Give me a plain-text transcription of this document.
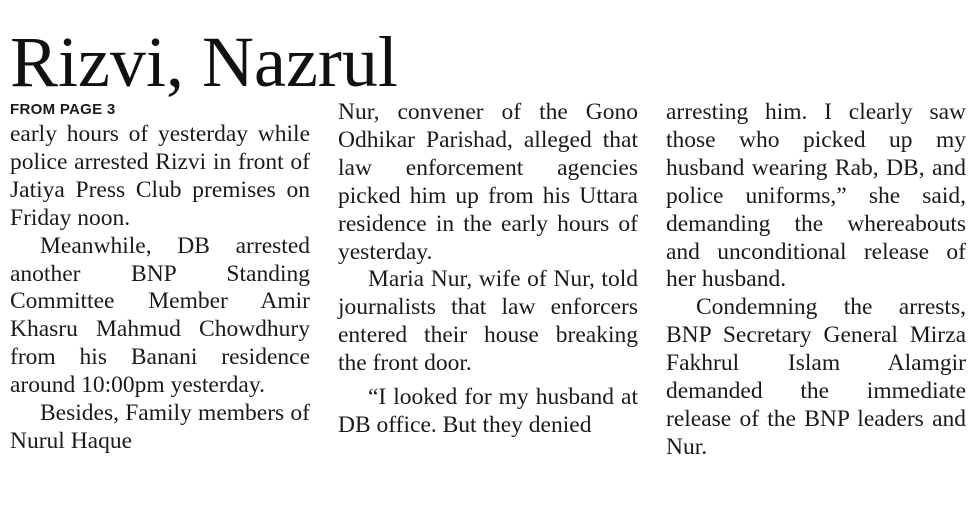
Rizvi, Nazrul
FROM PAGE 3

early hours of yesterday while police arrested Rizvi in front of Jatiya Press Club premises on Friday noon.

Meanwhile, DB arrested another BNP Standing Committee Member Amir Khasru Mahmud Chowdhury from his Banani residence around 10:00pm yesterday.

Besides, Family members of Nurul Haque

Nur, convener of the Gono Odhikar Parishad, alleged that law enforcement agencies picked him up from his Uttara residence in the early hours of yesterday.

Maria Nur, wife of Nur, told journalists that law enforcers entered their house breaking the front door.

“I looked for my husband at DB office. But they denied

arresting him. I clearly saw those who picked up my husband wearing Rab, DB, and police uniforms,” she said, demanding the whereabouts and unconditional release of her husband.

Condemning the arrests, BNP Secretary General Mirza Fakhrul Islam Alamgir demanded the immediate release of the BNP leaders and Nur.
